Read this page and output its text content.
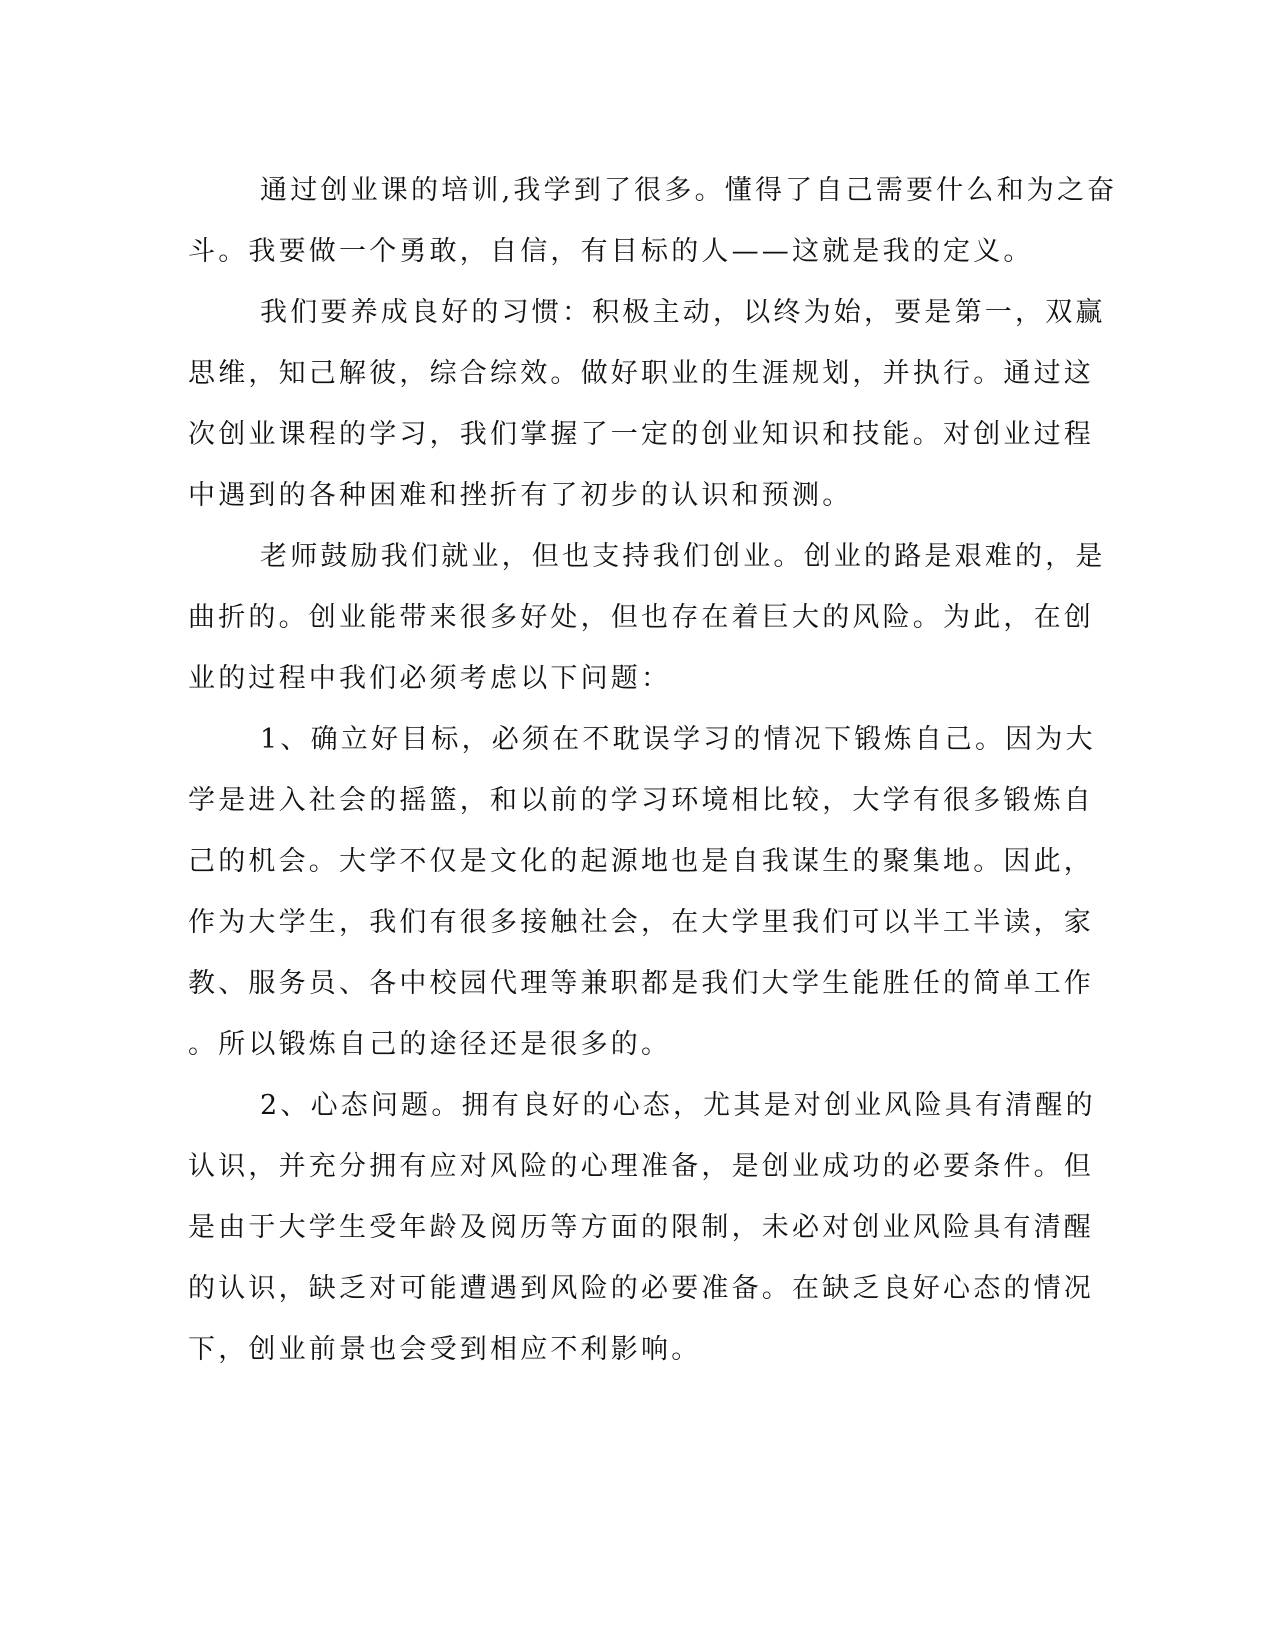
通过创业课的培训,我学到了很多。懂得了自己需要什么和为之奋
斗。我要做一个勇敢，自信，有目标的人——这就是我的定义。
我们要养成良好的习惯：积极主动，以终为始，要是第一，双赢
思维，知己解彼，综合综效。做好职业的生涯规划，并执行。通过这
次创业课程的学习，我们掌握了一定的创业知识和技能。对创业过程
中遇到的各种困难和挫折有了初步的认识和预测。
老师鼓励我们就业，但也支持我们创业。创业的路是艰难的，是
曲折的。创业能带来很多好处，但也存在着巨大的风险。为此，在创
业的过程中我们必须考虑以下问题：
1、确立好目标，必须在不耽误学习的情况下锻炼自己。因为大
学是进入社会的摇篮，和以前的学习环境相比较，大学有很多锻炼自
己的机会。大学不仅是文化的起源地也是自我谋生的聚集地。因此，
作为大学生，我们有很多接触社会，在大学里我们可以半工半读，家
教、服务员、各中校园代理等兼职都是我们大学生能胜任的简单工作
。所以锻炼自己的途径还是很多的。
2、心态问题。拥有良好的心态，尤其是对创业风险具有清醒的
认识，并充分拥有应对风险的心理准备，是创业成功的必要条件。但
是由于大学生受年龄及阅历等方面的限制，未必对创业风险具有清醒
的认识，缺乏对可能遭遇到风险的必要准备。在缺乏良好心态的情况
下，创业前景也会受到相应不利影响。
